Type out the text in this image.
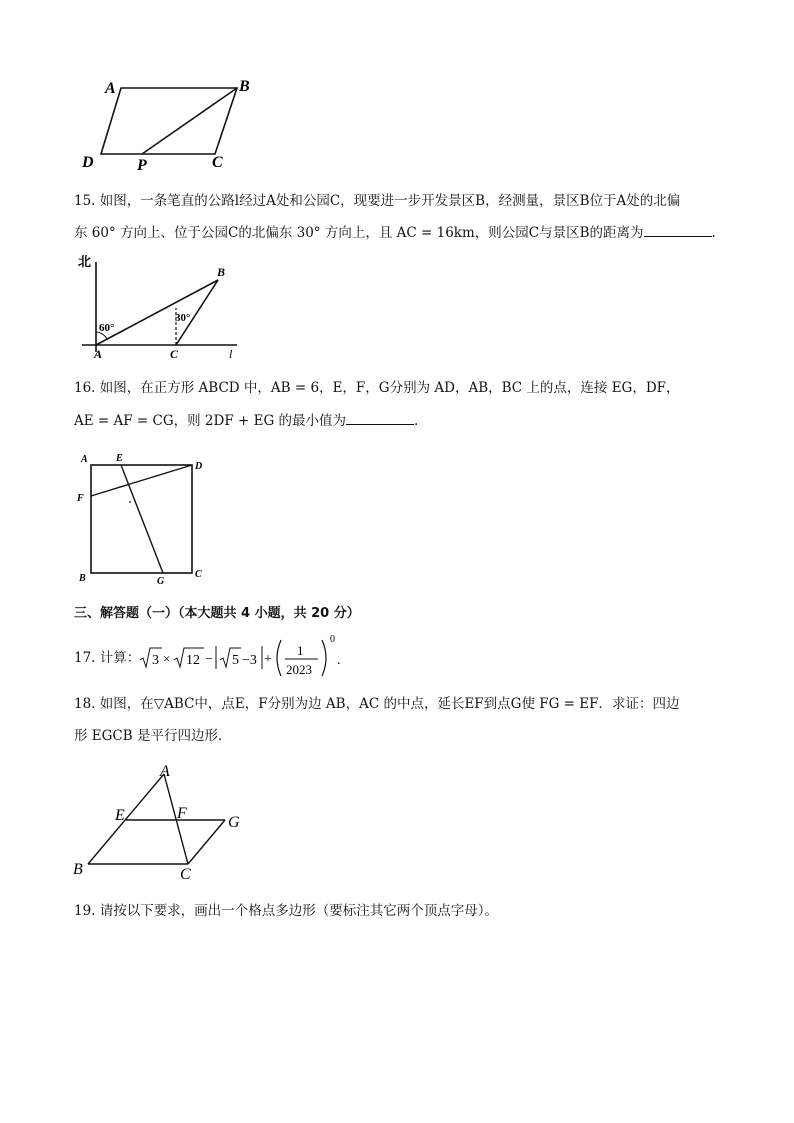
A	B
D	P	C
15. 如图，一条笔直的公路l经过A处和公园C，现要进一步开发景区B，经测量，景区B位于A处的北偏
东 60° 方向上、位于公园C的北偏东 30° 方向上，且 AC = 16km，则公园C与景区B的距离为	.
北
60°
30°
B
A	C	l
16. 如图，在正方形 ABCD 中，AB = 6，E，F，G分别为 AD，AB，BC 上的点，连接 EG，DF，
AE = AF = CG，则 2DF + EG 的最小值为	.
A	E
D
F
B	G
C
三、解答题（一）（本大题共 4 小题，共 20 分）
17. 计算： 3 × 12 − 5 −3 +
1
2023
0
.
18. 如图，在▽ABC中，点E，F分别为边 AB，AC 的中点，延长EF到点G使 FG = EF．求证：四边
形 EGCB 是平行四边形．
A
E	F
G
B	C
19. 请按以下要求，画出一个格点多边形（要标注其它两个顶点字母）。
